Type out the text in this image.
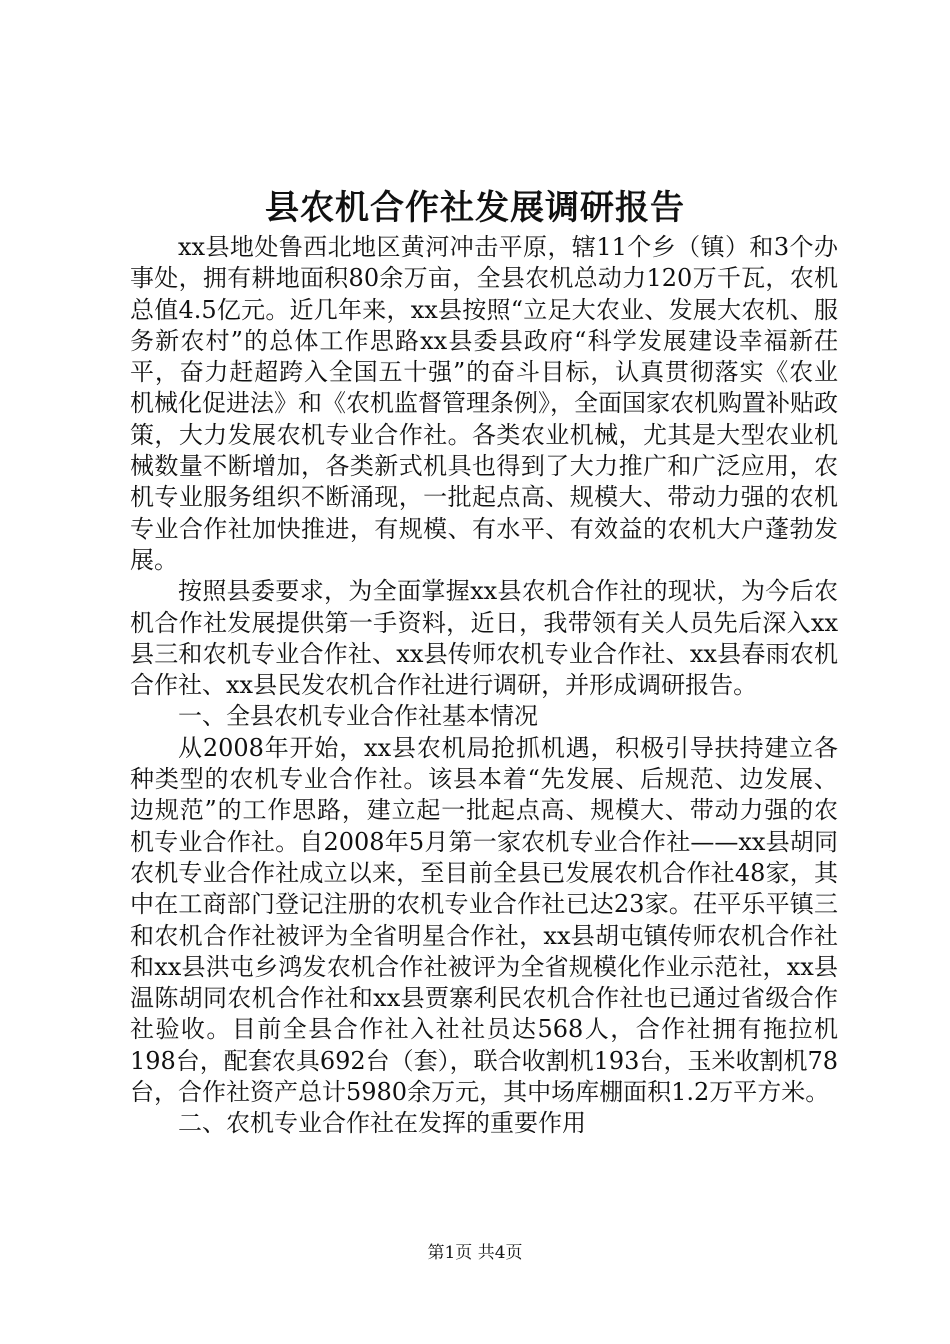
县农机合作社发展调研报告

xx县地处鲁西北地区黄河冲击平原，辖11个乡（镇）和3个办事处，拥有耕地面积80余万亩，全县农机总动力120万千瓦，农机总值4.5亿元。近几年来，xx县按照“立足大农业、发展大农机、服务新农村”的总体工作思路xx县委县政府“科学发展建设幸福新茌平，奋力赶超跨入全国五十强”的奋斗目标，认真贯彻落实《农业机械化促进法》和《农机监督管理条例》，全面国家农机购置补贴政策，大力发展农机专业合作社。各类农业机械，尤其是大型农业机械数量不断增加，各类新式机具也得到了大力推广和广泛应用，农机专业服务组织不断涌现，一批起点高、规模大、带动力强的农机专业合作社加快推进，有规模、有水平、有效益的农机大户蓬勃发展。

按照县委要求，为全面掌握xx县农机合作社的现状，为今后农机合作社发展提供第一手资料，近日，我带领有关人员先后深入xx县三和农机专业合作社、xx县传师农机专业合作社、xx县春雨农机合作社、xx县民发农机合作社进行调研，并形成调研报告。

一、全县农机专业合作社基本情况

从2008年开始，xx县农机局抢抓机遇，积极引导扶持建立各种类型的农机专业合作社。该县本着“先发展、后规范、边发展、边规范”的工作思路，建立起一批起点高、规模大、带动力强的农机专业合作社。自2008年5月第一家农机专业合作社——xx县胡同农机专业合作社成立以来，至目前全县已发展农机合作社48家，其中在工商部门登记注册的农机专业合作社已达23家。茌平乐平镇三和农机合作社被评为全省明星合作社，xx县胡屯镇传师农机合作社和xx县洪屯乡鸿发农机合作社被评为全省规模化作业示范社，xx县温陈胡同农机合作社和xx县贾寨利民农机合作社也已通过省级合作社验收。目前全县合作社入社社员达568人，合作社拥有拖拉机198台，配套农具692台（套），联合收割机193台，玉米收割机78台，合作社资产总计5980余万元，其中场库棚面积1.2万平方米。

二、农机专业合作社在发挥的重要作用

第1页 共4页
